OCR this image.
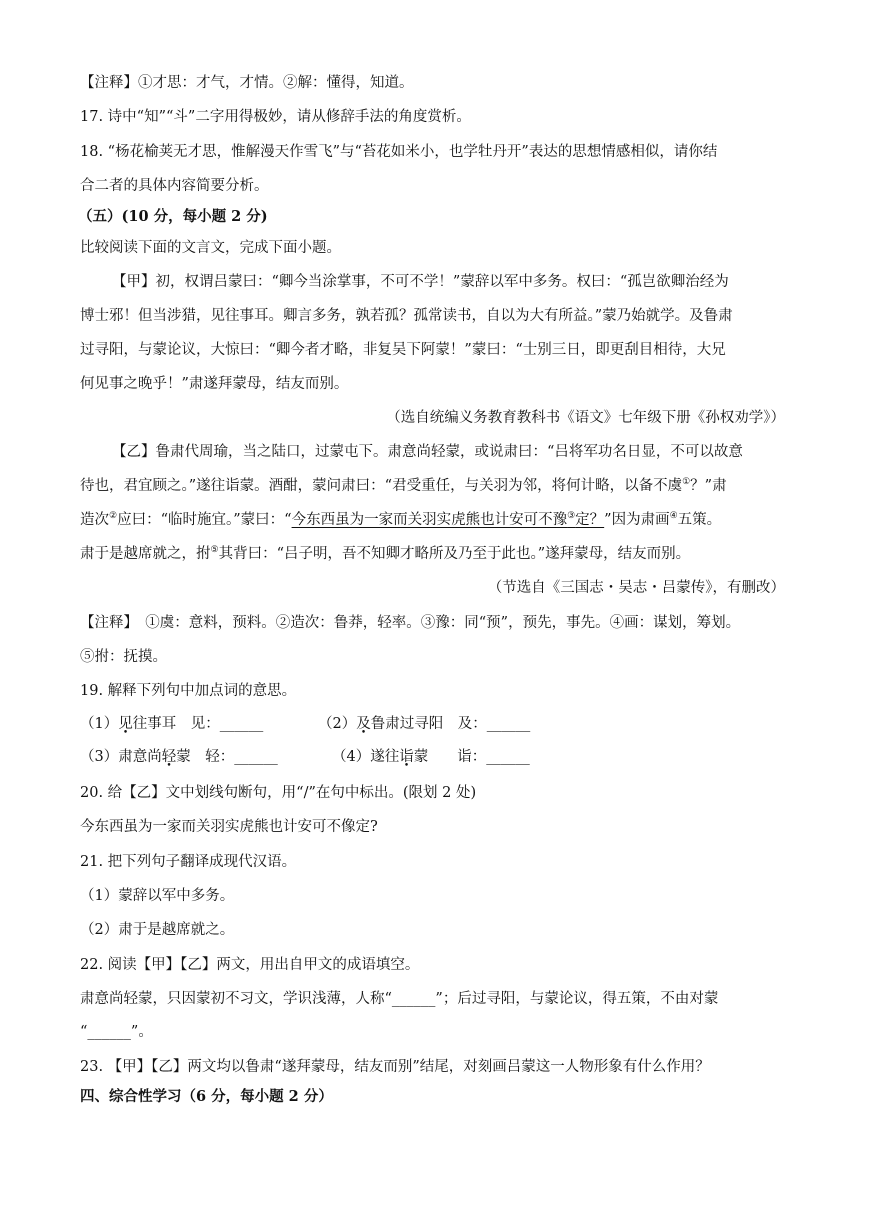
【注释】①才思：才气，才情。②解：懂得，知道。
17. 诗中“知”“斗”二字用得极妙，请从修辞手法的角度赏析。
18. “杨花榆荚无才思，惟解漫天作雪飞”与“苔花如米小，也学牡丹开”表达的思想情感相似，请你结
合二者的具体内容简要分析。
（五）(10 分，每小题 2 分)
比较阅读下面的文言文，完成下面小题。
【甲】初，权谓吕蒙曰：“卿今当涂掌事，不可不学！”蒙辞以军中多务。权曰：“孤岂欲卿治经为
博士邪！但当涉猎，见往事耳。卿言多务，孰若孤？孤常读书，自以为大有所益。”蒙乃始就学。及鲁肃
过寻阳，与蒙论议，大惊曰：“卿今者才略，非复吴下阿蒙！”蒙曰：“士别三日，即更刮目相待，大兄
何见事之晚乎！”肃遂拜蒙母，结友而别。
（选自统编义务教育教科书《语文》七年级下册《孙权劝学》）
【乙】鲁肃代周瑜，当之陆口，过蒙屯下。肃意尚轻蒙，或说肃曰：“吕将军功名日显，不可以故意
待也，君宜顾之。”遂往诣蒙。酒酣，蒙问肃曰：“君受重任，与关羽为邻，将何计略，以备不虞①？”肃
造次②应曰：“临时施宜。”蒙曰：“今东西虽为一家而关羽实虎熊也计安可不豫③定？”因为肃画④五策。
肃于是越席就之，拊⑤其背曰：“吕子明，吾不知卿才略所及乃至于此也。”遂拜蒙母，结友而别。
（节选自《三国志・吴志・吕蒙传》，有删改）
【注释】　①虞：意料，预料。②造次：鲁莽，轻率。③豫：同“预”，预先，事先。④画：谋划，筹划。
⑤拊：抚摸。
19. 解释下列句中加点词的意思。
（1）见往事耳　见：______	（2）及鲁肃过寻阳　及：______
（3）肃意尚轻蒙　轻：______	（4）遂往诣蒙　　诣：______
20. 给【乙】文中划线句断句，用“/”在句中标出。(限划 2 处)
今东西虽为一家而关羽实虎熊也计安可不像定?
21. 把下列句子翻译成现代汉语。
（1）蒙辞以军中多务。
（2）肃于是越席就之。
22. 阅读【甲】【乙】两文，用出自甲文的成语填空。
肃意尚轻蒙，只因蒙初不习文，学识浅薄，人称“______”；后过寻阳，与蒙论议，得五策，不由对蒙
“______”。
23. 【甲】【乙】两文均以鲁肃“遂拜蒙母，结友而别”结尾，对刻画吕蒙这一人物形象有什么作用？
四、综合性学习（6 分，每小题 2 分）
